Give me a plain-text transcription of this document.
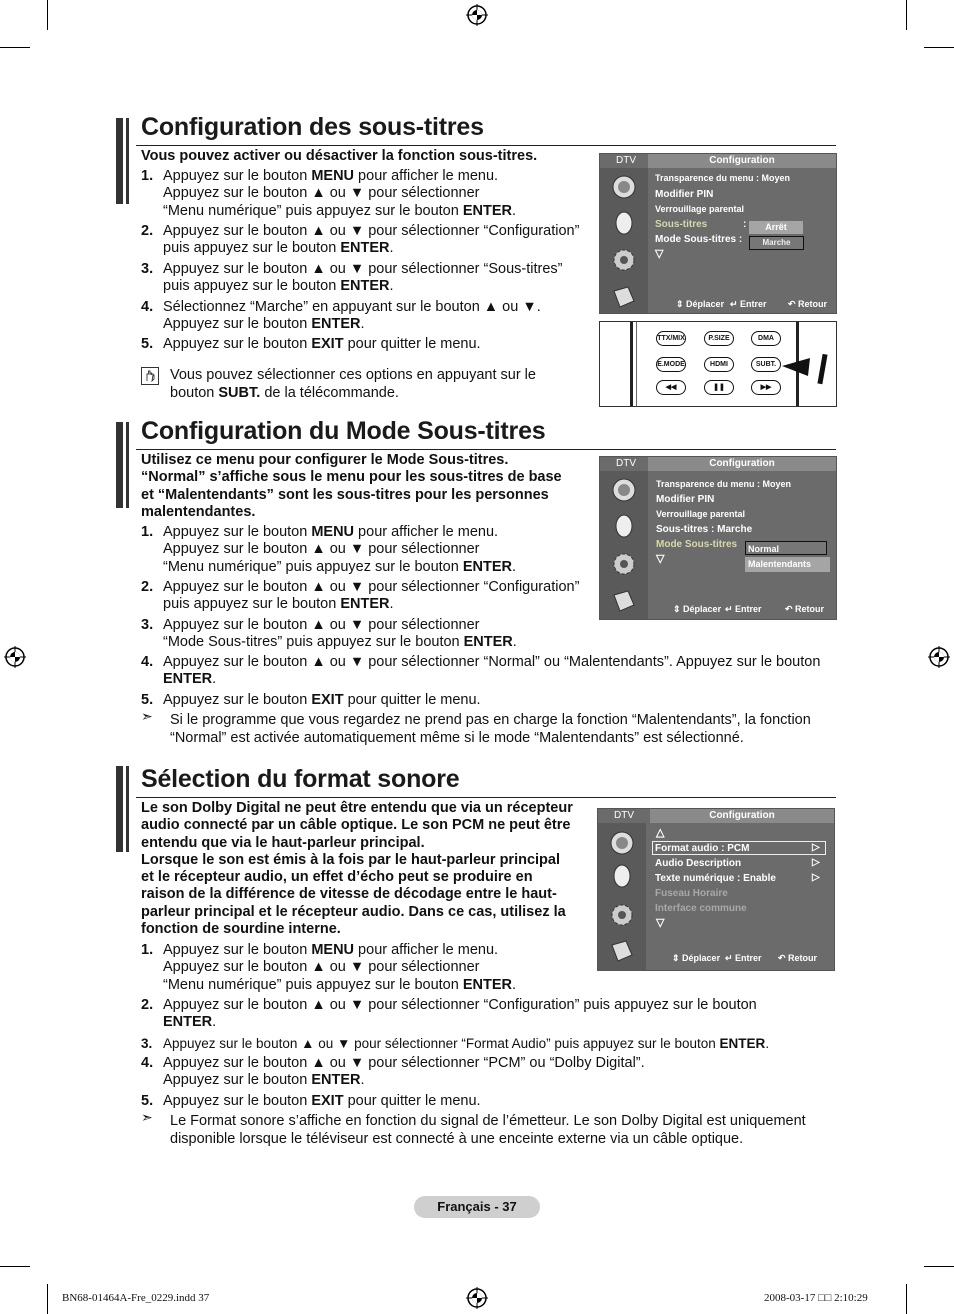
Configuration des sous-titres
Vous pouvez activer ou désactiver la fonction sous-titres.
1. Appuyez sur le bouton MENU pour afficher le menu.
Appuyez sur le bouton ▲ ou ▼ pour sélectionner
“Menu numérique” puis appuyez sur le bouton ENTER.
2. Appuyez sur le bouton ▲ ou ▼ pour sélectionner “Configuration”
puis appuyez sur le bouton ENTER.
3. Appuyez sur le bouton ▲ ou ▼ pour sélectionner “Sous-titres”
puis appuyez sur le bouton ENTER.
4. Sélectionnez “Marche” en appuyant sur le bouton ▲ ou ▼.
Appuyez sur le bouton ENTER.
5. Appuyez sur le bouton EXIT pour quitter le menu.
Vous pouvez sélectionner ces options en appuyant sur le
bouton SUBT. de la télécommande.
DTV	Configuration
Transparence du menu : Moyen
Modifier PIN
Verrouillage parental
Sous-titres	:
Mode Sous-titres :
▽
Arrêt
Marche
⇕ Déplacer ↵ Entrer ↶ Retour
TTX/MIX	P.SIZE	DMA
E.MODE	HDMI	SUBT.
◀◀	❚❚	▶▶
Configuration du Mode Sous-titres
Utilisez ce menu pour configurer le Mode Sous-titres.
“Normal” s’affiche sous le menu pour les sous-titres de base
et “Malentendants” sont les sous-titres pour les personnes
malentendantes.
1. Appuyez sur le bouton MENU pour afficher le menu.
Appuyez sur le bouton ▲ ou ▼ pour sélectionner
“Menu numérique” puis appuyez sur le bouton ENTER.
2. Appuyez sur le bouton ▲ ou ▼ pour sélectionner “Configuration”
puis appuyez sur le bouton ENTER.
3. Appuyez sur le bouton ▲ ou ▼ pour sélectionner
“Mode Sous-titres” puis appuyez sur le bouton ENTER.
4. Appuyez sur le bouton ▲ ou ▼ pour sélectionner “Normal” ou “Malentendants”. Appuyez sur le bouton
ENTER.
5. Appuyez sur le bouton EXIT pour quitter le menu.
➣ Si le programme que vous regardez ne prend pas en charge la fonction “Malentendants”, la fonction
“Normal” est activée automatiquement même si le mode “Malentendants” est sélectionné.
DTV	Configuration
Transparence du menu : Moyen
Modifier PIN
Verrouillage parental
Sous-titres : Marche
Mode Sous-titres
▽
Normal
Malentendants
⇕ Déplacer ↵ Entrer	↶ Retour
Sélection du format sonore
Le son Dolby Digital ne peut être entendu que via un récepteur
audio connecté par un câble optique. Le son PCM ne peut être
entendu que via le haut-parleur principal.
Lorsque le son est émis à la fois par le haut-parleur principal
et le récepteur audio, un effet d’écho peut se produire en
raison de la différence de vitesse de décodage entre le haut-
parleur principal et le récepteur audio. Dans ce cas, utilisez la
fonction de sourdine interne.
1. Appuyez sur le bouton MENU pour afficher le menu.
Appuyez sur le bouton ▲ ou ▼ pour sélectionner
“Menu numérique” puis appuyez sur le bouton ENTER.
2. Appuyez sur le bouton ▲ ou ▼ pour sélectionner “Configuration” puis appuyez sur le bouton
ENTER.
3. Appuyez sur le bouton ▲ ou ▼ pour sélectionner “Format Audio” puis appuyez sur le bouton ENTER.
4. Appuyez sur le bouton ▲ ou ▼ pour sélectionner “PCM” ou “Dolby Digital”.
Appuyez sur le bouton ENTER.
5. Appuyez sur le bouton EXIT pour quitter le menu.
➣ Le Format sonore s’affiche en fonction du signal de l’émetteur. Le son Dolby Digital est uniquement
disponible lorsque le téléviseur est connecté à une enceinte externe via un câble optique.
DTV	Configuration
△
Format audio : PCM
Audio Description
Texte numérique : Enable
Fuseau Horaire
Interface commune
▷
▷
▷
▽
⇕ Déplacer ↵ Entrer ↶ Retour
Français - 37
BN68-01464A-Fre_0229.indd 37	2008-03-17 □□ 2:10:29
